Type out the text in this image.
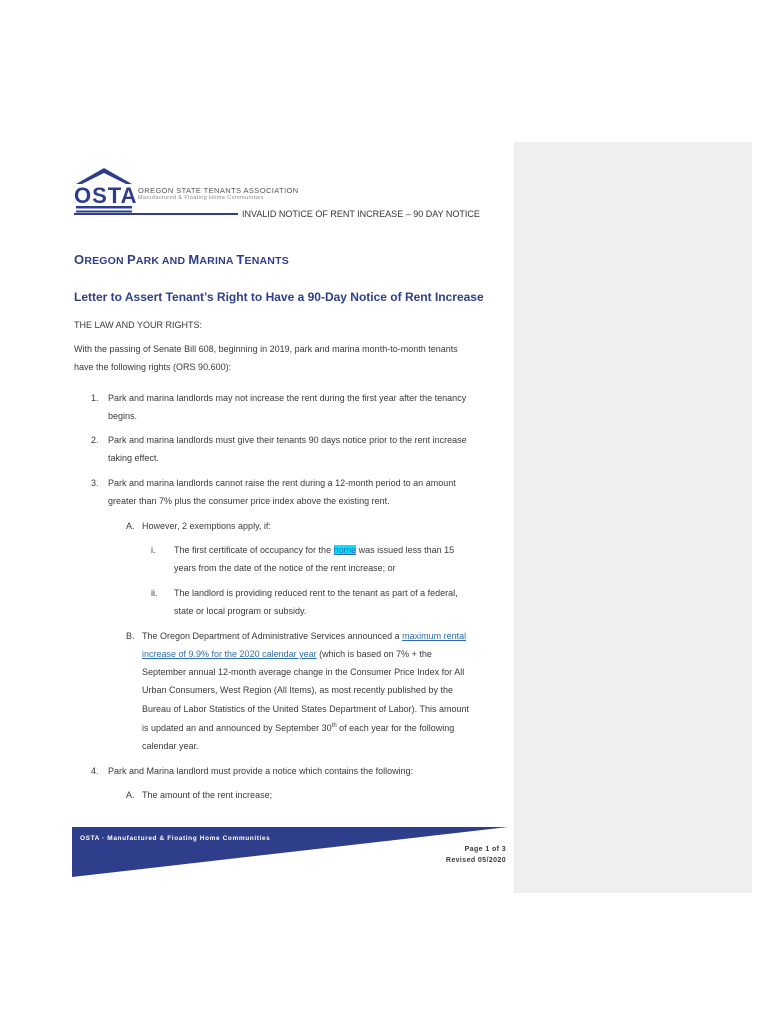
OSTA OREGON STATE TENANTS ASSOCIATION
Manufactured & Floating Home Communities
INVALID NOTICE OF RENT INCREASE – 90 DAY NOTICE
OREGON PARK AND MARINA TENANTS
Letter to Assert Tenant’s Right to Have a 90-Day Notice of Rent Increase
THE LAW AND YOUR RIGHTS:
With the passing of Senate Bill 608, beginning in 2019, park and marina month-to-month tenants
have the following rights (ORS 90.600):
1. Park and marina landlords may not increase the rent during the first year after the tenancy
begins.
2. Park and marina landlords must give their tenants 90 days notice prior to the rent increase
taking effect.
3. Park and marina landlords cannot raise the rent during a 12-month period to an amount
greater than 7% plus the consumer price index above the existing rent.
A. However, 2 exemptions apply, if:
i. The first certificate of occupancy for the home was issued less than 15
years from the date of the notice of the rent increase; or
ii. The landlord is providing reduced rent to the tenant as part of a federal,
state or local program or subsidy.
B. The Oregon Department of Administrative Services announced a maximum rental
increase of 9.9% for the 2020 calendar year (which is based on 7% + the
September annual 12-month average change in the Consumer Price Index for All
Urban Consumers, West Region (All Items), as most recently published by the
Bureau of Labor Statistics of the United States Department of Labor). This amount
is updated an and announced by September 30th of each year for the following
calendar year.
4. Park and Marina landlord must provide a notice which contains the following:
A. The amount of the rent increase;
OSTA · Manufactured & Floating Home Communities
Page 1 of 3
Revised 05/2020
